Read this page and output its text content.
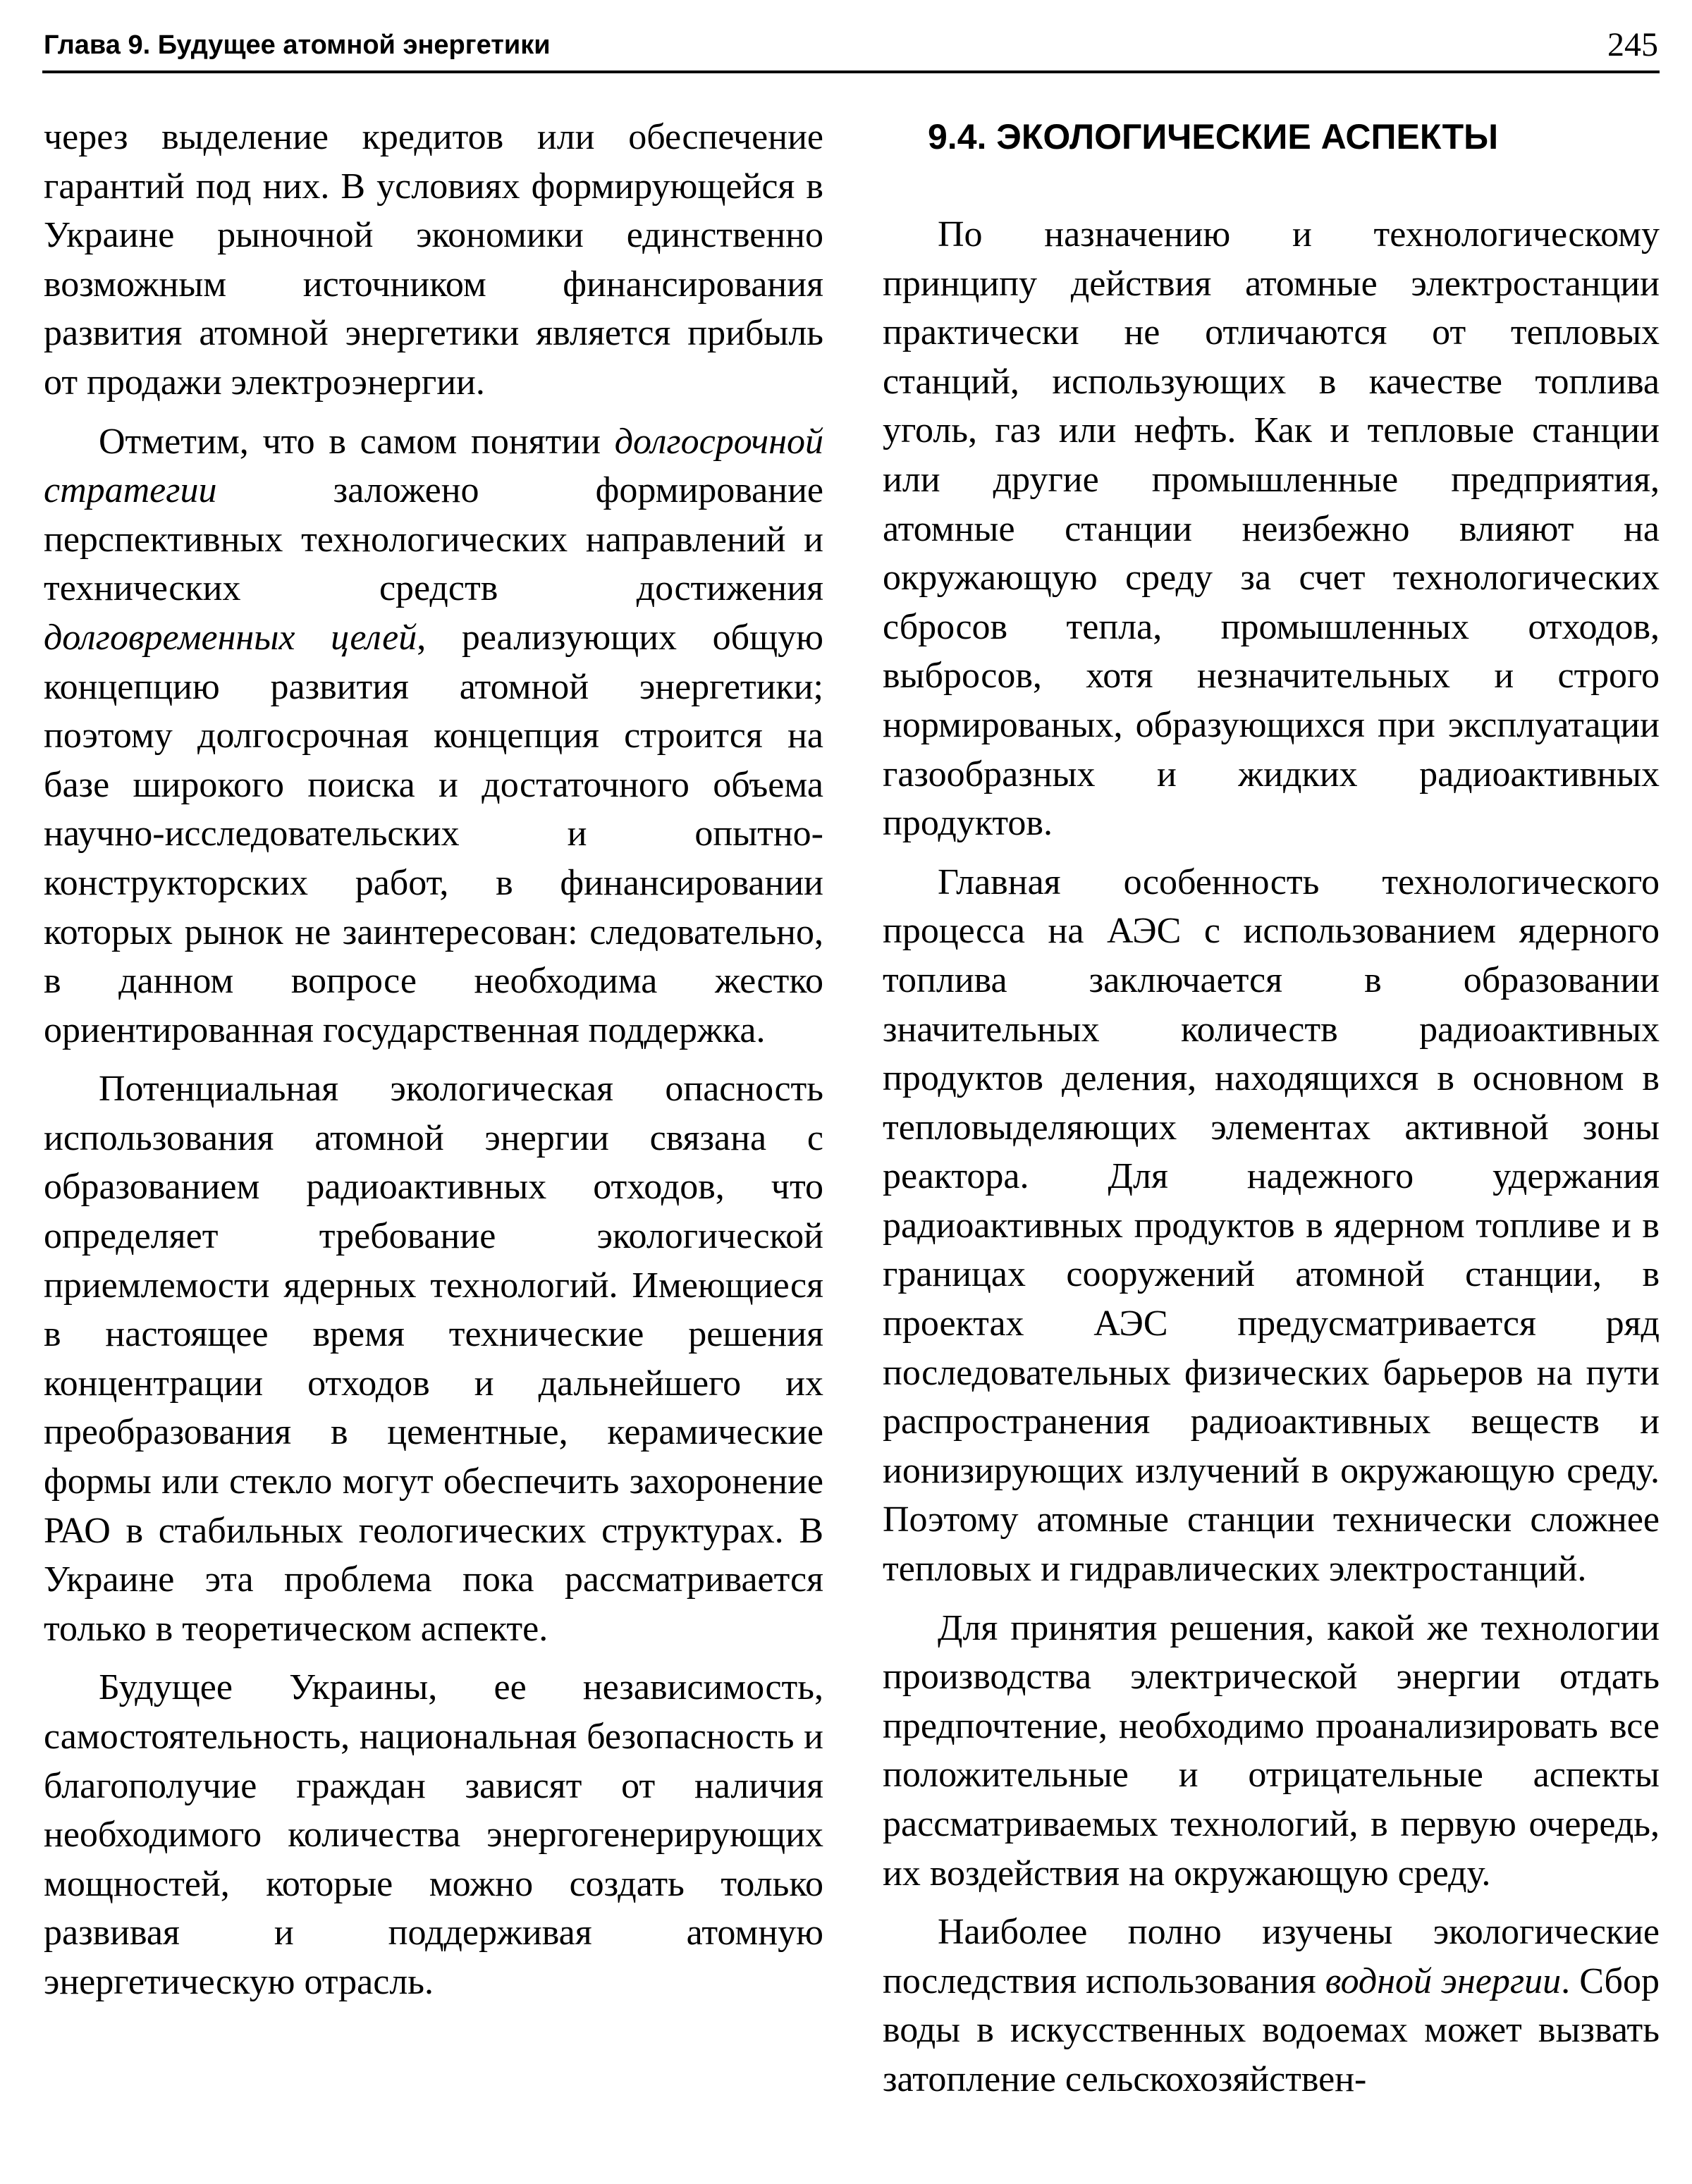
Глава 9. Будущее атомной энергетики	245

через выделение кредитов или обеспечение гарантий под них. В условиях формирующейся в Украине рыночной экономики единственно возможным источником финансирования развития атомной энергетики является прибыль от продажи электроэнергии.

Отметим, что в самом понятии долгосрочной стратегии заложено формирование перспективных технологических направлений и технических средств достижения долговременных целей, реализующих общую концепцию развития атомной энергетики; поэтому долгосрочная концепция строится на базе широкого поиска и достаточного объема научно-исследовательских и опытно-конструкторских работ, в финансировании которых рынок не заинтересован: следовательно, в данном вопросе необходима жестко ориентированная государственная поддержка.

Потенциальная экологическая опасность использования атомной энергии связана с образованием радиоактивных отходов, что определяет требование экологической приемлемости ядерных технологий. Имеющиеся в настоящее время технические решения концентрации отходов и дальнейшего их преобразования в цементные, керамические формы или стекло могут обеспечить захоронение РАО в стабильных геологических структурах. В Украине эта проблема пока рассматривается только в теоретическом аспекте.

Будущее Украины, ее независимость, самостоятельность, национальная безопасность и благополучие граждан зависят от наличия необходимого количества энергогенерирующих мощностей, которые можно создать только развивая и поддерживая атомную энергетическую отрасль.

9.4. ЭКОЛОГИЧЕСКИЕ АСПЕКТЫ

По назначению и технологическому принципу действия атомные электростанции практически не отличаются от тепловых станций, использующих в качестве топлива уголь, газ или нефть. Как и тепловые станции или другие промышленные предприятия, атомные станции неизбежно влияют на окружающую среду за счет технологических сбросов тепла, промышленных отходов, выбросов, хотя незначительных и строго нормированых, образующихся при эксплуатации газообразных и жидких радиоактивных продуктов.

Главная особенность технологического процесса на АЭС с использованием ядерного топлива заключается в образовании значительных количеств радиоактивных продуктов деления, находящихся в основном в тепловыделяющих элементах активной зоны реактора. Для надежного удержания радиоактивных продуктов в ядерном топливе и в границах сооружений атомной станции, в проектах АЭС предусматривается ряд последовательных физических барьеров на пути распространения радиоактивных веществ и ионизирующих излучений в окружающую среду. Поэтому атомные станции технически сложнее тепловых и гидравлических электростанций.

Для принятия решения, какой же технологии производства электрической энергии отдать предпочтение, необходимо проанализировать все положительные и отрицательные аспекты рассматриваемых технологий, в первую очередь, их воздействия на окружающую среду.

Наиболее полно изучены экологические последствия использования водной энергии. Сбор воды в искусственных водоемах может вызвать затопление сельскохозяйствен-
